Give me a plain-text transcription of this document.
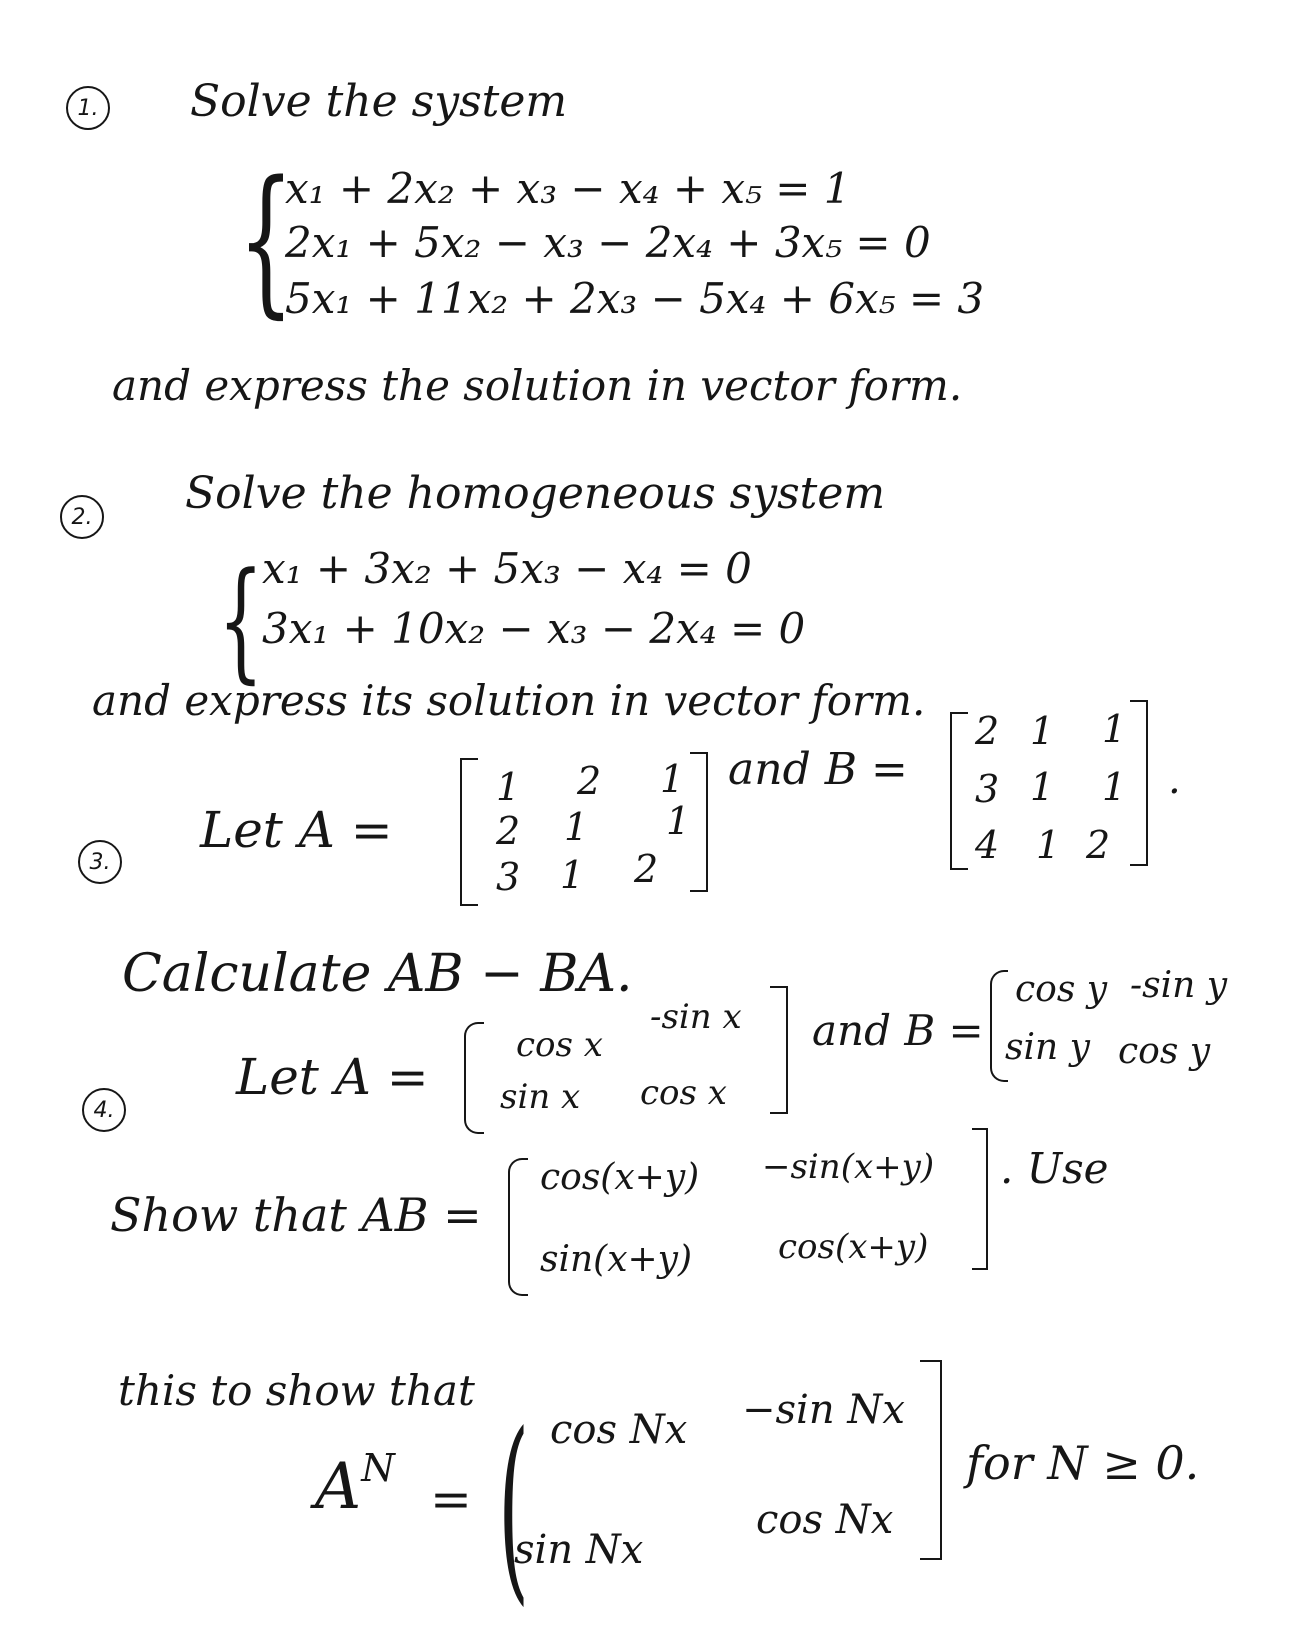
1. Solve the system
{
x₁ + 2x₂ + x₃ − x₄ + x₅ = 1
2x₁ + 5x₂ − x₃ − 2x₄ + 3x₅ = 0
5x₁ + 11x₂ + 2x₃ − 5x₄ + 6x₅ = 3
and express the solution in vector form.
2. Solve the homogeneous system
{
x₁ + 3x₂ + 5x₃ − x₄ = 0
3x₁ + 10x₂ − x₃ − 2x₄ = 0
and express its solution in vector form.
3.
Let A =
1 2 1
2 1 1
3 1 2
and B =
2 1 1
3 1 1
4 1 2
.
Calculate AB − BA.
4.
Let A =
cos x
-sin x
sin x cos x
and B =
cos y -sin y
sin y cos y
Show that AB =
cos(x+y) −sin(x+y)
sin(x+y)	cos(x+y)
. Use
this to show that
$A^N$
= ( cos Nx −sin Nx
sin Nx
cos Nx
for N ≥ 0.
